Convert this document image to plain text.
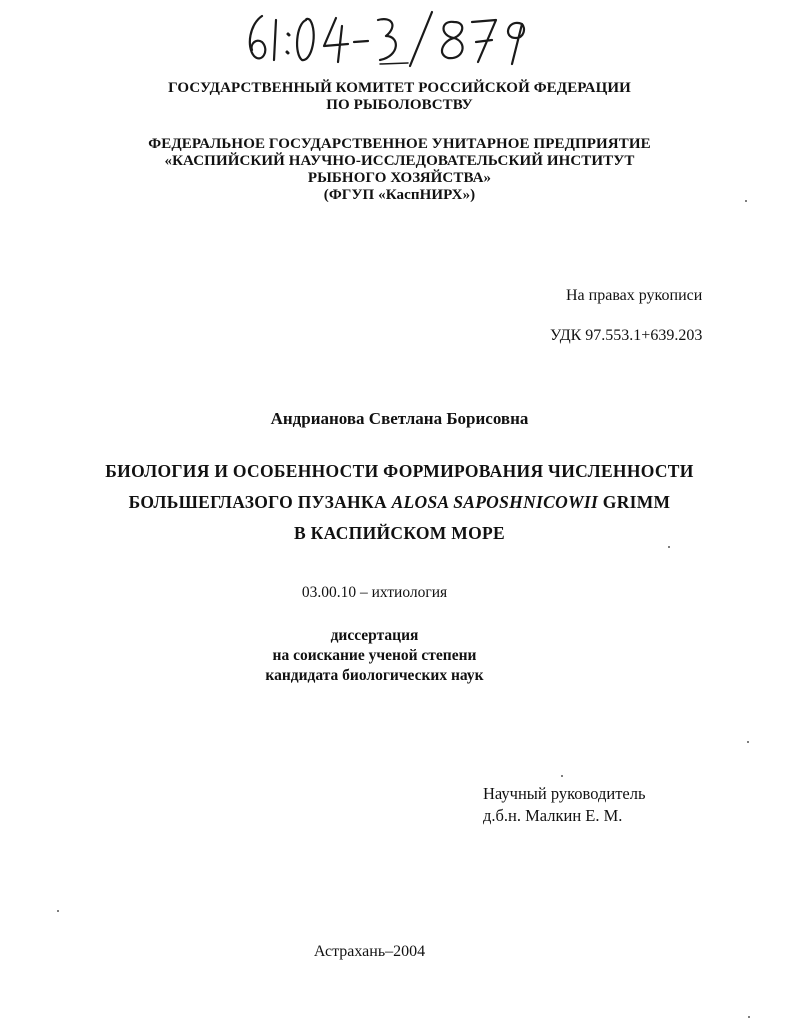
ГОСУДАРСТВЕННЫЙ КОМИТЕТ РОССИЙСКОЙ ФЕДЕРАЦИИ
ПО РЫБОЛОВСТВУ
ФЕДЕРАЛЬНОЕ ГОСУДАРСТВЕННОЕ УНИТАРНОЕ ПРЕДПРИЯТИЕ
«КАСПИЙСКИЙ НАУЧНО-ИССЛЕДОВАТЕЛЬСКИЙ ИНСТИТУТ
РЫБНОГО ХОЗЯЙСТВА»
(ФГУП «КаспНИРХ»)
На правах рукописи
УДК 97.553.1+639.203
Андрианова Светлана Борисовна
БИОЛОГИЯ И ОСОБЕННОСТИ ФОРМИРОВАНИЯ ЧИСЛЕННОСТИ
БОЛЬШЕГЛАЗОГО ПУЗАНКА ALOSA SAPOSHNICOWII GRIMM
В КАСПИЙСКОМ МОРЕ
03.00.10 – ихтиология
диссертация
на соискание ученой степени
кандидата биологических наук
Научный руководитель
д.б.н. Малкин Е. М.
Астрахань–2004
